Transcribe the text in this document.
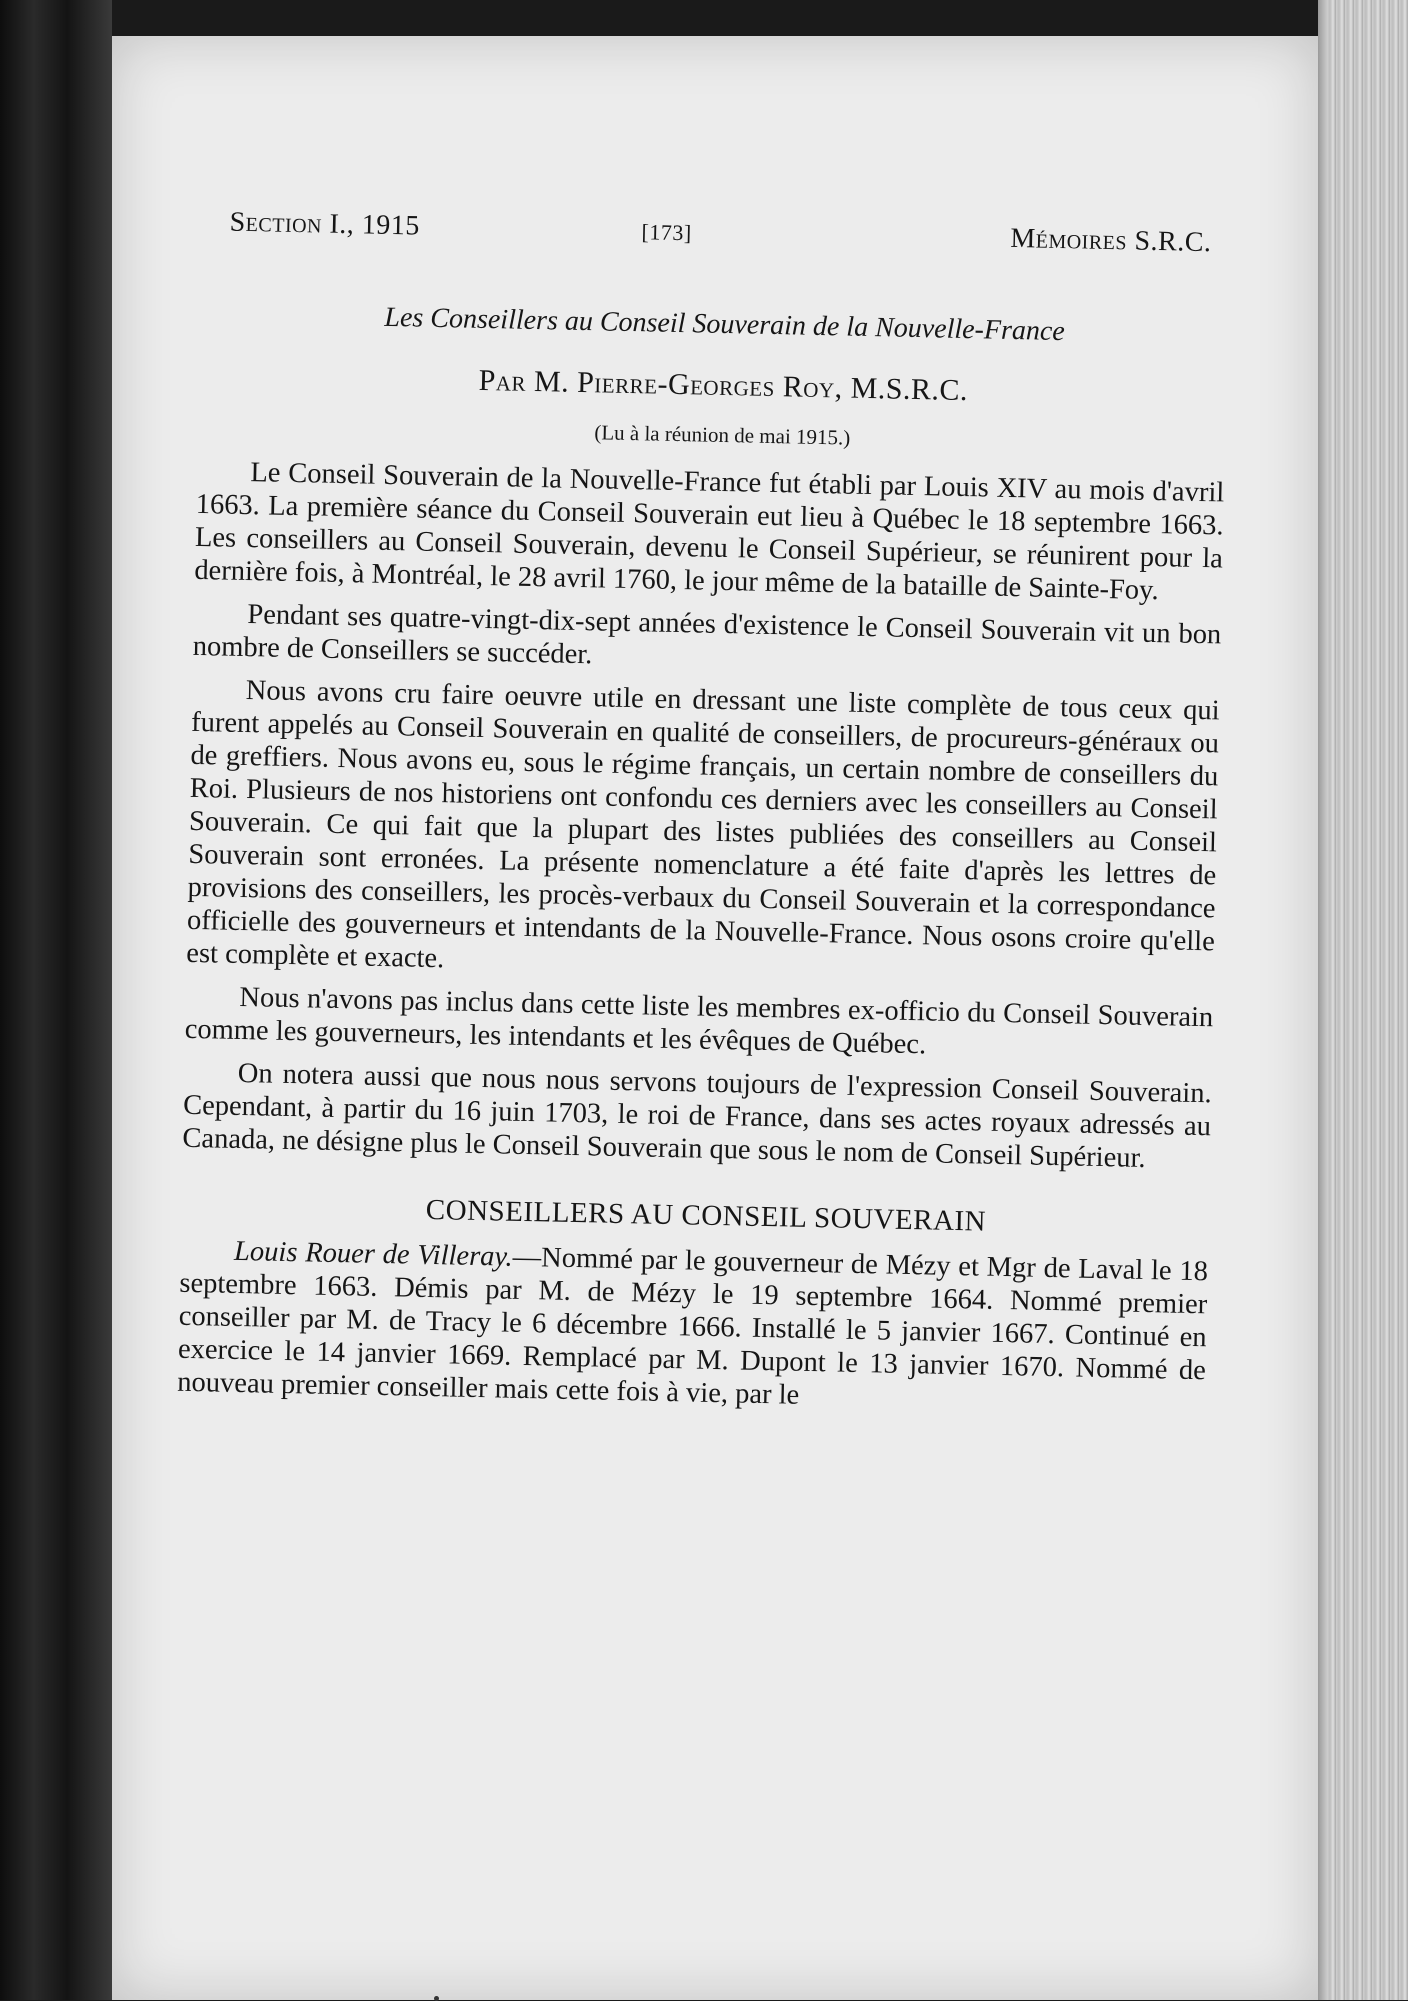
Section I., 1915	[173]	Mémoires S.R.C.
Les Conseillers au Conseil Souverain de la Nouvelle-France
Par M. Pierre-Georges Roy, M.S.R.C.
(Lu à la réunion de mai 1915.)

Le Conseil Souverain de la Nouvelle-France fut établi par Louis XIV au mois d'avril 1663. La première séance du Conseil Souverain eut lieu à Québec le 18 septembre 1663. Les conseillers au Conseil Souverain, devenu le Conseil Supérieur, se réunirent pour la dernière fois, à Montréal, le 28 avril 1760, le jour même de la bataille de Sainte-Foy.

Pendant ses quatre-vingt-dix-sept années d'existence le Conseil Souverain vit un bon nombre de Conseillers se succéder.

Nous avons cru faire oeuvre utile en dressant une liste complète de tous ceux qui furent appelés au Conseil Souverain en qualité de conseillers, de procureurs-généraux ou de greffiers. Nous avons eu, sous le régime français, un certain nombre de conseillers du Roi. Plusieurs de nos historiens ont confondu ces derniers avec les conseillers au Conseil Souverain. Ce qui fait que la plupart des listes publiées des conseillers au Conseil Souverain sont erronées. La présente nomenclature a été faite d'après les lettres de provisions des conseillers, les procès-verbaux du Conseil Souverain et la correspondance officielle des gouverneurs et intendants de la Nouvelle-France. Nous osons croire qu'elle est complète et exacte.

Nous n'avons pas inclus dans cette liste les membres ex-officio du Conseil Souverain comme les gouverneurs, les intendants et les évêques de Québec.

On notera aussi que nous nous servons toujours de l'expression Conseil Souverain. Cependant, à partir du 16 juin 1703, le roi de France, dans ses actes royaux adressés au Canada, ne désigne plus le Conseil Souverain que sous le nom de Conseil Supérieur.

CONSEILLERS AU CONSEIL SOUVERAIN

Louis Rouer de Villeray.—Nommé par le gouverneur de Mézy et Mgr de Laval le 18 septembre 1663. Démis par M. de Mézy le 19 septembre 1664. Nommé premier conseiller par M. de Tracy le 6 décembre 1666. Installé le 5 janvier 1667. Continué en exercice le 14 janvier 1669. Remplacé par M. Dupont le 13 janvier 1670. Nommé de nouveau premier conseiller mais cette fois à vie, par le
